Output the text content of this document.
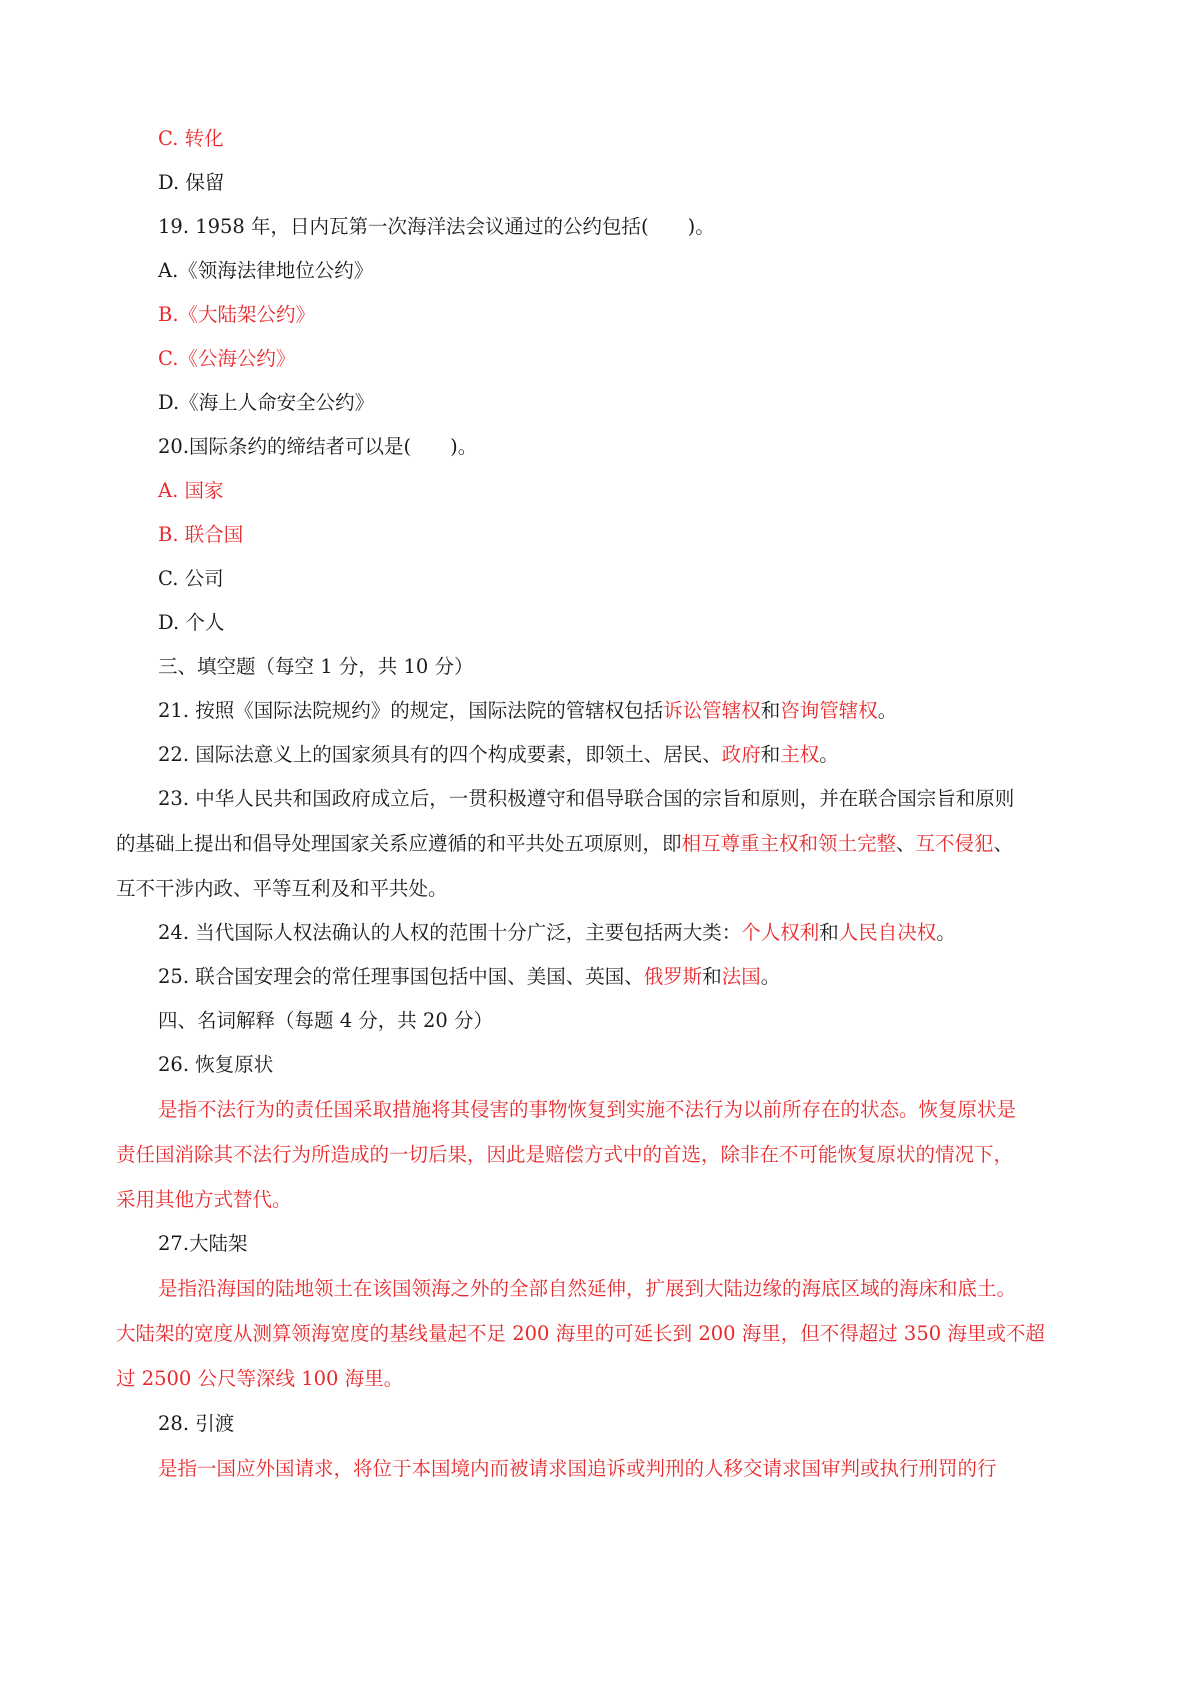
C. 转化
D. 保留
19. 1958 年，日内瓦第一次海洋法会议通过的公约包括(　　)。
A.《领海法律地位公约》
B.《大陆架公约》
C.《公海公约》
D.《海上人命安全公约》
20.国际条约的缔结者可以是(　　)。
A. 国家
B. 联合国
C. 公司
D. 个人
三、填空题（每空 1 分，共 10 分）
21. 按照《国际法院规约》的规定，国际法院的管辖权包括诉讼管辖权和咨询管辖权。
22. 国际法意义上的国家须具有的四个构成要素，即领土、居民、政府和主权。
23. 中华人民共和国政府成立后，一贯积极遵守和倡导联合国的宗旨和原则，并在联合国宗旨和原则
的基础上提出和倡导处理国家关系应遵循的和平共处五项原则，即相互尊重主权和领土完整、互不侵犯、
互不干涉内政、平等互利及和平共处。
24. 当代国际人权法确认的人权的范围十分广泛，主要包括两大类：个人权利和人民自决权。
25. 联合国安理会的常任理事国包括中国、美国、英国、俄罗斯和法国。
四、名词解释（每题 4 分，共 20 分）
26. 恢复原状
是指不法行为的责任国采取措施将其侵害的事物恢复到实施不法行为以前所存在的状态。恢复原状是
责任国消除其不法行为所造成的一切后果，因此是赔偿方式中的首选，除非在不可能恢复原状的情况下，
采用其他方式替代。
27.大陆架
是指沿海国的陆地领土在该国领海之外的全部自然延伸，扩展到大陆边缘的海底区域的海床和底土。
大陆架的宽度从测算领海宽度的基线量起不足 200 海里的可延长到 200 海里，但不得超过 350 海里或不超
过 2500 公尺等深线 100 海里。
28. 引渡
是指一国应外国请求，将位于本国境内而被请求国追诉或判刑的人移交请求国审判或执行刑罚的行
